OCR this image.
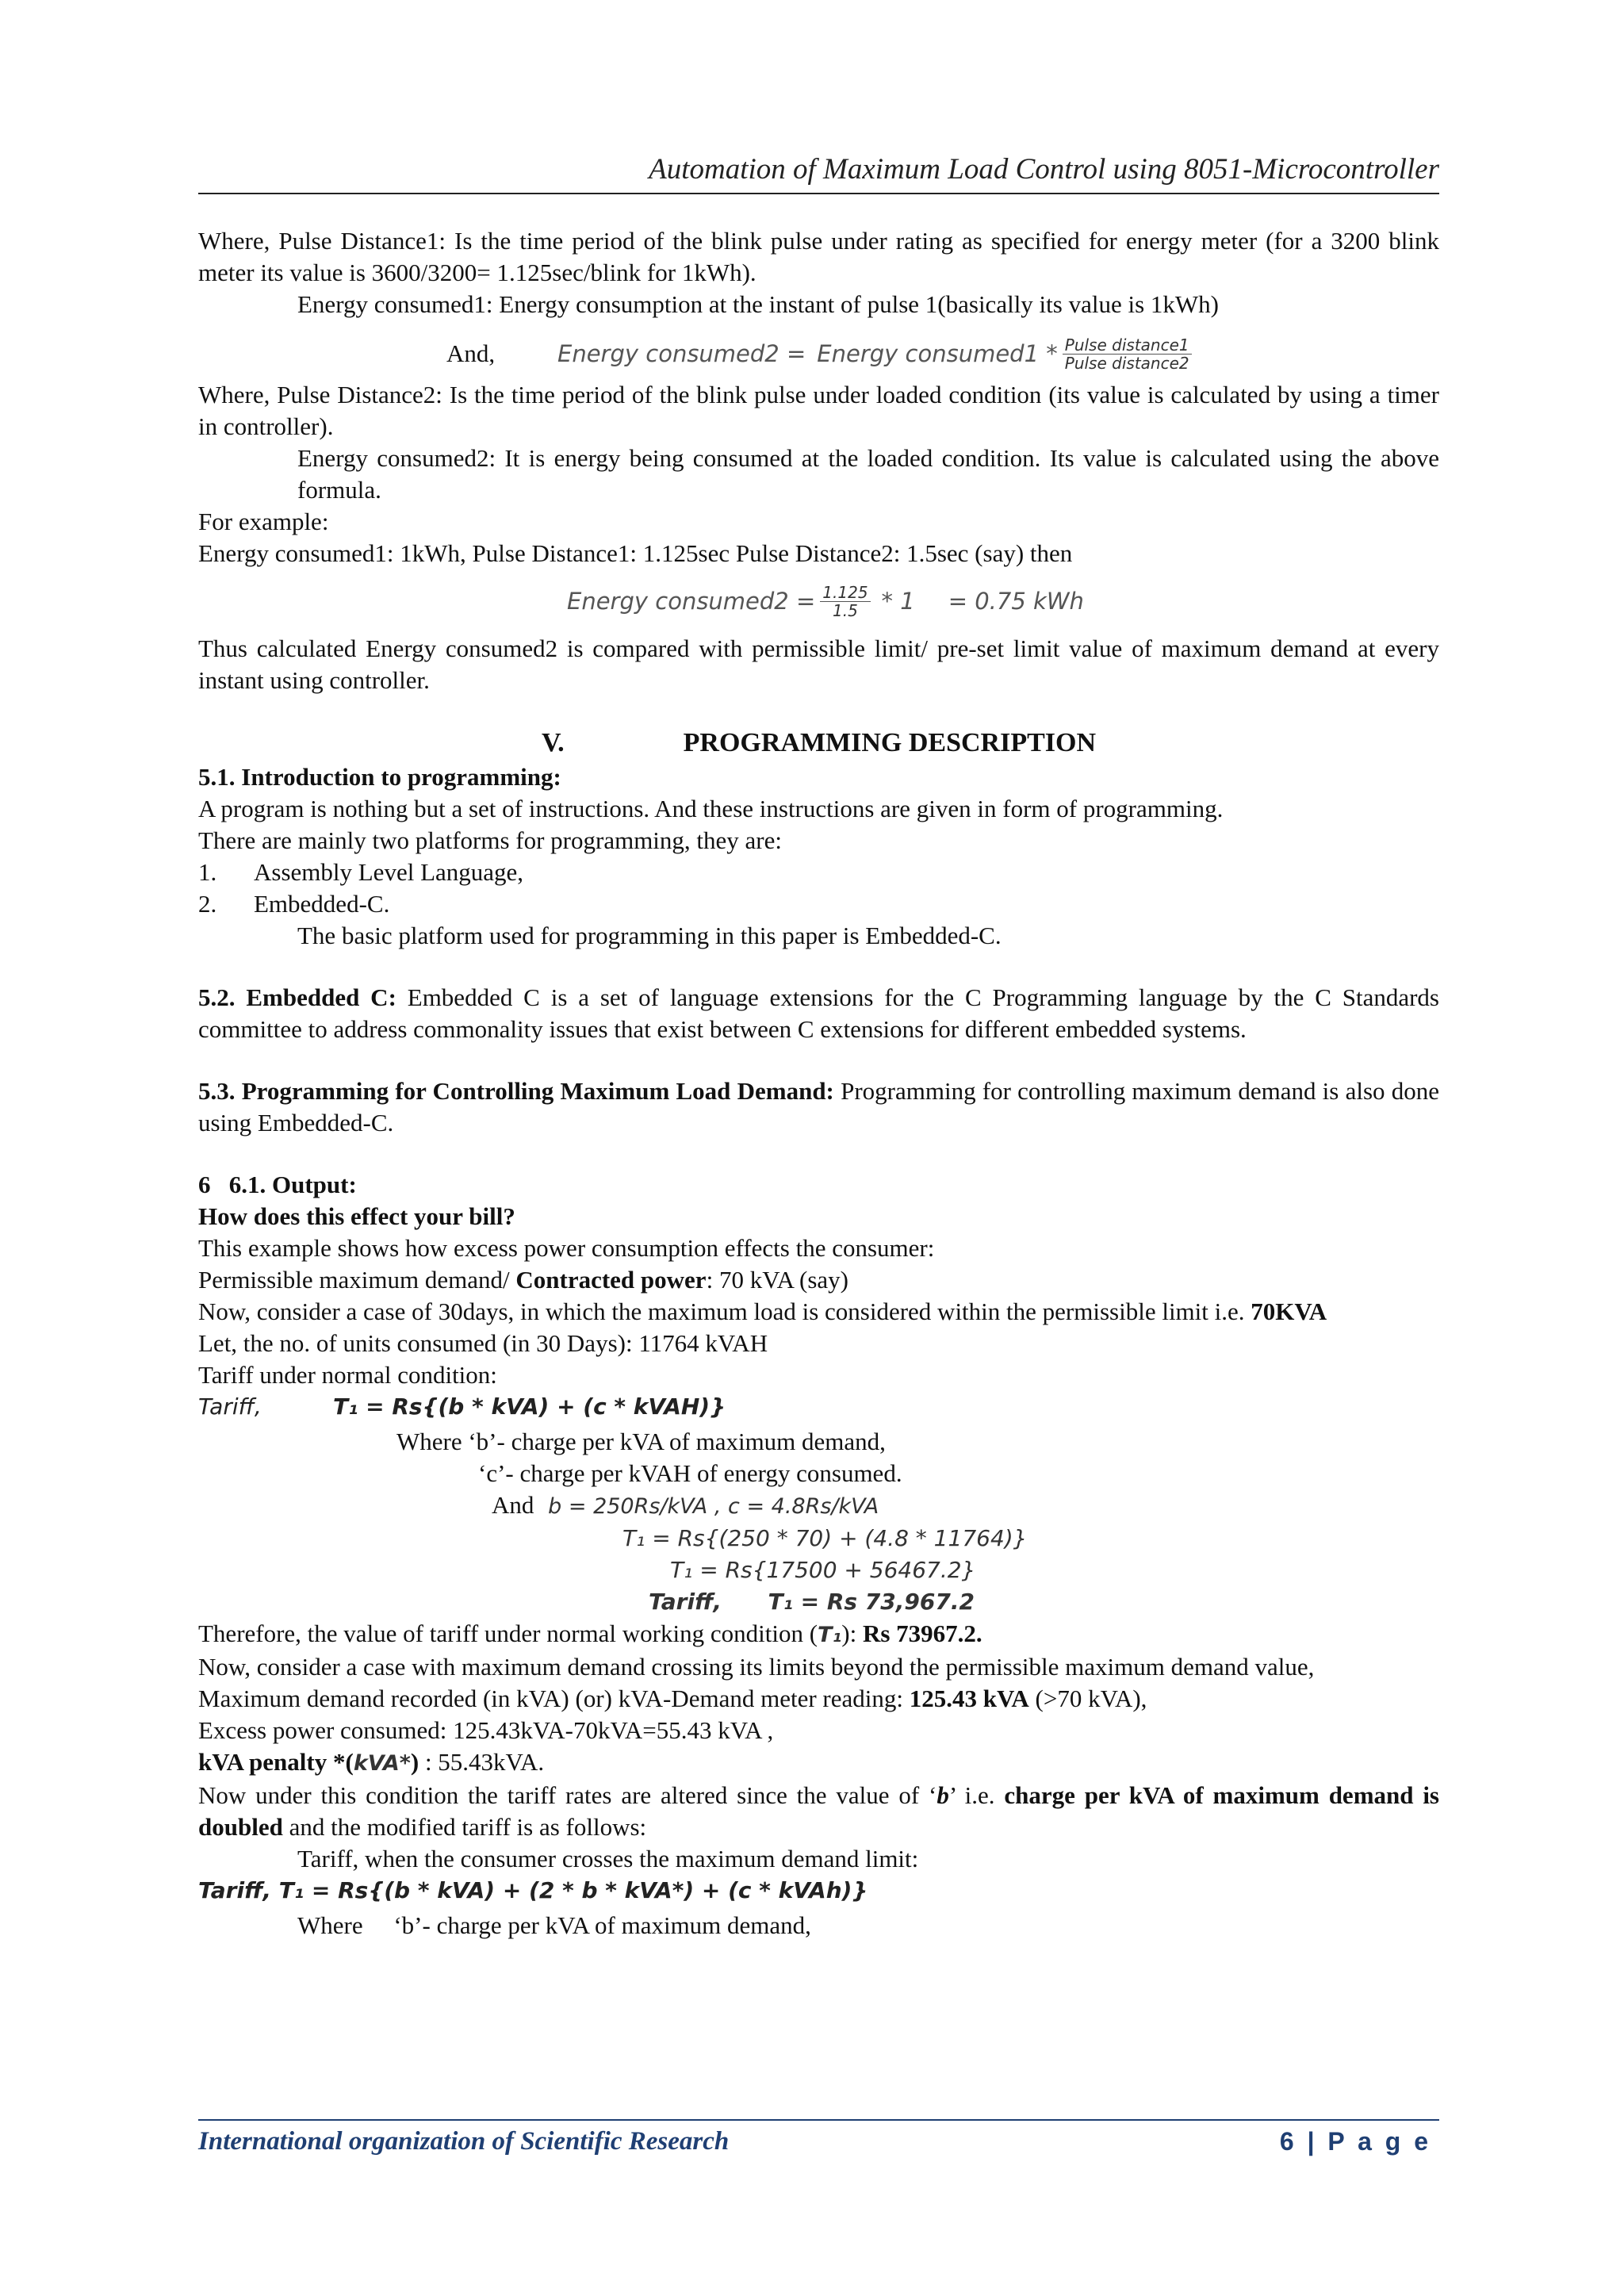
Automation of Maximum Load Control using 8051-Microcontroller

Where, Pulse Distance1: Is the time period of the blink pulse under rating as specified for energy meter (for a 3200 blink meter its value is 3600/3200= 1.125sec/blink for 1kWh).

Energy consumed1: Energy consumption at the instant of pulse 1(basically its value is 1kWh)

And,	Energy consumed2 = Energy consumed1 * $\frac{\text{Pulse distance1}}{\text{Pulse distance2}}$

Where, Pulse Distance2: Is the time period of the blink pulse under loaded condition (its value is calculated by using a timer in controller).

Energy consumed2: It is energy being consumed at the loaded condition. Its value is calculated using the above formula.

For example:

Energy consumed1: 1kWh, Pulse Distance1: 1.125sec Pulse Distance2: 1.5sec (say) then

Energy consumed2 = $\frac{1.125}{1.5} * 1 = 0.75$ kWh

Thus calculated Energy consumed2 is compared with permissible limit/ pre-set limit value of maximum demand at every instant using controller.

V.	PROGRAMMING DESCRIPTION

5.1. Introduction to programming:

A program is nothing but a set of instructions. And these instructions are given in form of programming.

There are mainly two platforms for programming, they are:

1.	Assembly Level Language,
2.	Embedded-C.

The basic platform used for programming in this paper is Embedded-C.

5.2. Embedded C: Embedded C is a set of language extensions for the C Programming language by the C Standards committee to address commonality issues that exist between C extensions for different embedded systems.

5.3. Programming for Controlling Maximum Load Demand: Programming for controlling maximum demand is also done using Embedded-C.

6   6.1. Output:

How does this effect your bill?

This example shows how excess power consumption effects the consumer:

Permissible maximum demand/ Contracted power: 70 kVA (say)

Now, consider a case of 30days, in which the maximum load is considered within the permissible limit i.e. 70KVA

Let, the no. of units consumed (in 30 Days): 11764 kVAH

Tariff under normal condition:

Tariff,	T₁ = Rs{(b * kVA) + (c * kVAH)}

Where ‘b’- charge per kVA of maximum demand,

‘c’- charge per kVAH of energy consumed.

And b = 250Rs/kVA , c = 4.8Rs/kVA

T₁ = Rs{(250 * 70) + (4.8 * 11764)}
T₁ = Rs{17500 + 56467.2}
Tariff,      T₁ = Rs 73,967.2

Therefore, the value of tariff under normal working condition (T₁): Rs 73967.2.

Now, consider a case with maximum demand crossing its limits beyond the permissible maximum demand value,

Maximum demand recorded (in kVA) (or) kVA-Demand meter reading: 125.43 kVA (>70 kVA),

Excess power consumed: 125.43kVA-70kVA=55.43 kVA ,

kVA penalty *(kVA*) : 55.43kVA.

Now under this condition the tariff rates are altered since the value of ‘b’ i.e. charge per kVA of maximum demand is doubled and the modified tariff is as follows:

Tariff, when the consumer crosses the maximum demand limit:

Tariff, T₁ = Rs{(b * kVA) + (2 * b * kVA*) + (c * kVAh)}

Where     ‘b’- charge per kVA of maximum demand,

International organization of Scientific Research	6 | P a g e
